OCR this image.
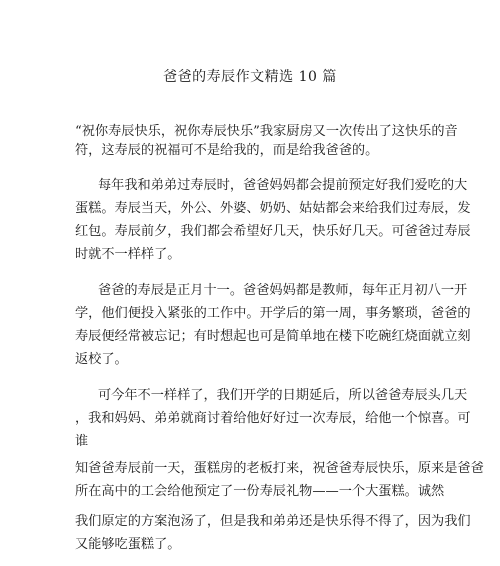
爸爸的寿辰作文精选 10 篇
“祝你寿辰快乐，祝你寿辰快乐”我家厨房又一次传出了这快乐的音
符，这寿辰的祝福可不是给我的，而是给我爸爸的。
每年我和弟弟过寿辰时，爸爸妈妈都会提前预定好我们爱吃的大
蛋糕。寿辰当天，外公、外婆、奶奶、姑姑都会来给我们过寿辰，发
红包。寿辰前夕，我们都会希望好几天，快乐好几天。可爸爸过寿辰
时就不一样样了。
爸爸的寿辰是正月十一。爸爸妈妈都是教师，每年正月初八一开
学，他们便投入紧张的工作中。开学后的第一周，事务繁琐，爸爸的
寿辰便经常被忘记；有时想起也可是简单地在楼下吃碗红烧面就立刻
返校了。
可今年不一样样了，我们开学的日期延后，所以爸爸寿辰头几天
，我和妈妈、弟弟就商讨着给他好好过一次寿辰，给他一个惊喜。可
谁
知爸爸寿辰前一天，蛋糕房的老板打来，祝爸爸寿辰快乐，原来是爸爸
所在高中的工会给他预定了一份寿辰礼物——一个大蛋糕。诚然
我们原定的方案泡汤了，但是我和弟弟还是快乐得不得了，因为我们
又能够吃蛋糕了。
